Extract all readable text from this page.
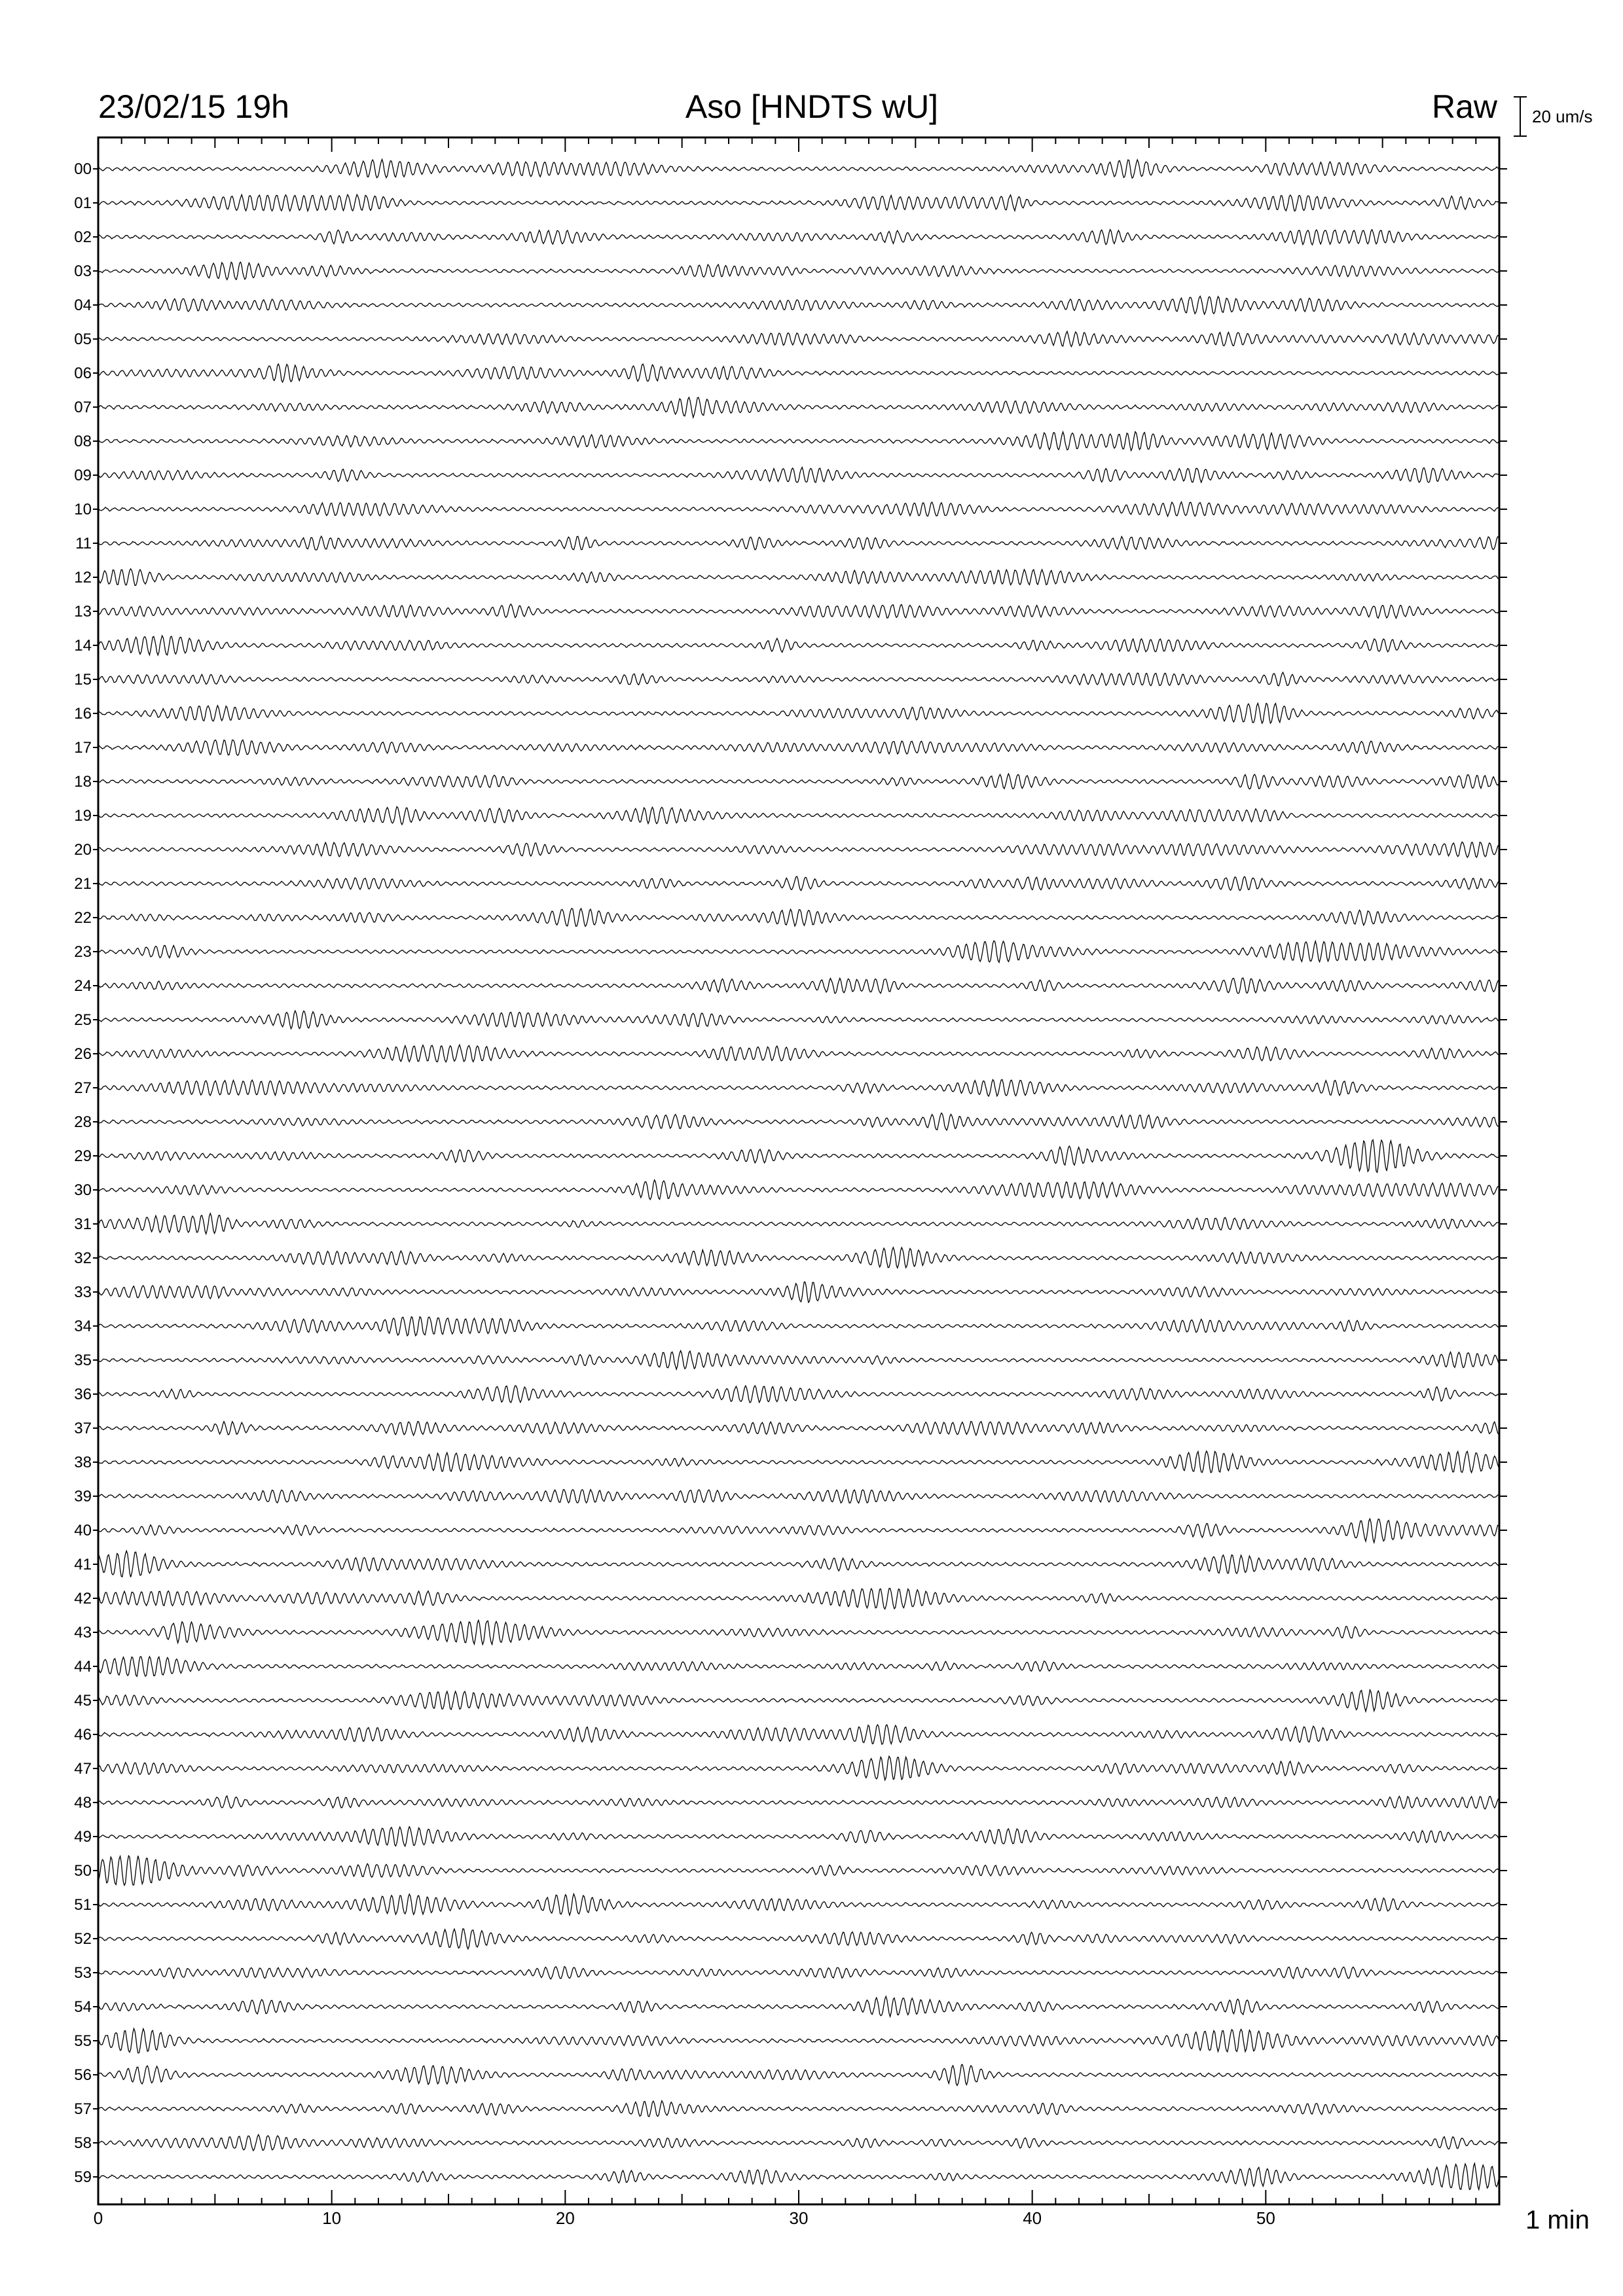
23/02/15 19h	Aso [HNDTS wU]	Raw 20 um/s
1 min
0	10	20	30	40	50
00
01
02
03
04
05
06
07
08
09
10
11
12
13
14
15
16
17
18
19
20
21
22
23
24
25
26
27
28
29
30
31
32
33
34
35
36
37
38
39
40
41
42
43
44
45
46
47
48
49
50
51
52
53
54
55
56
57
58
59
